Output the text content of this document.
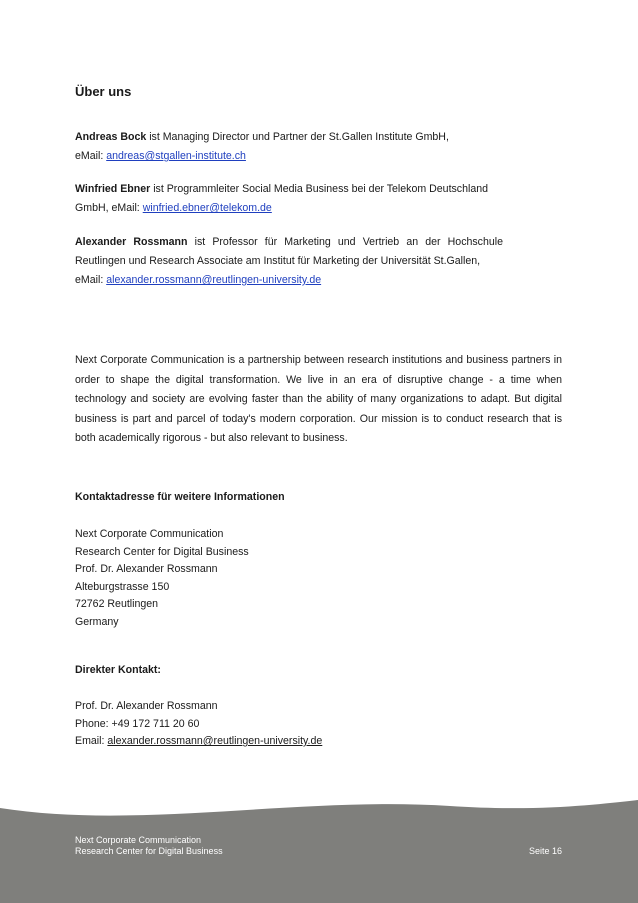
Über uns
Andreas Bock ist Managing Director und Partner der St.Gallen Institute GmbH,
eMail: andreas@stgallen-institute.ch
Winfried Ebner ist Programmleiter Social Media Business bei der Telekom Deutschland
GmbH, eMail: winfried.ebner@telekom.de
Alexander Rossmann ist Professor für Marketing und Vertrieb an der Hochschule Reutlingen und Research Associate am Institut für Marketing der Universität St.Gallen,
eMail: alexander.rossmann@reutlingen-university.de
Next Corporate Communication is a partnership between research institutions and business partners in order to shape the digital transformation. We live in an era of disruptive change - a time when technology and society are evolving faster than the ability of many organizations to adapt. But digital business is part and parcel of today's modern corporation. Our mission is to conduct research that is both academically rigorous - but also relevant to business.
Kontaktadresse für weitere Informationen
Next Corporate Communication
Research Center for Digital Business
Prof. Dr. Alexander Rossmann
Alteburgstrasse 150
72762 Reutlingen
Germany
Direkter Kontakt:
Prof. Dr. Alexander Rossmann
Phone: +49 172 711 20 60
Email: alexander.rossmann@reutlingen-university.de
Next Corporate Communication
Research Center for Digital Business	Seite 16
